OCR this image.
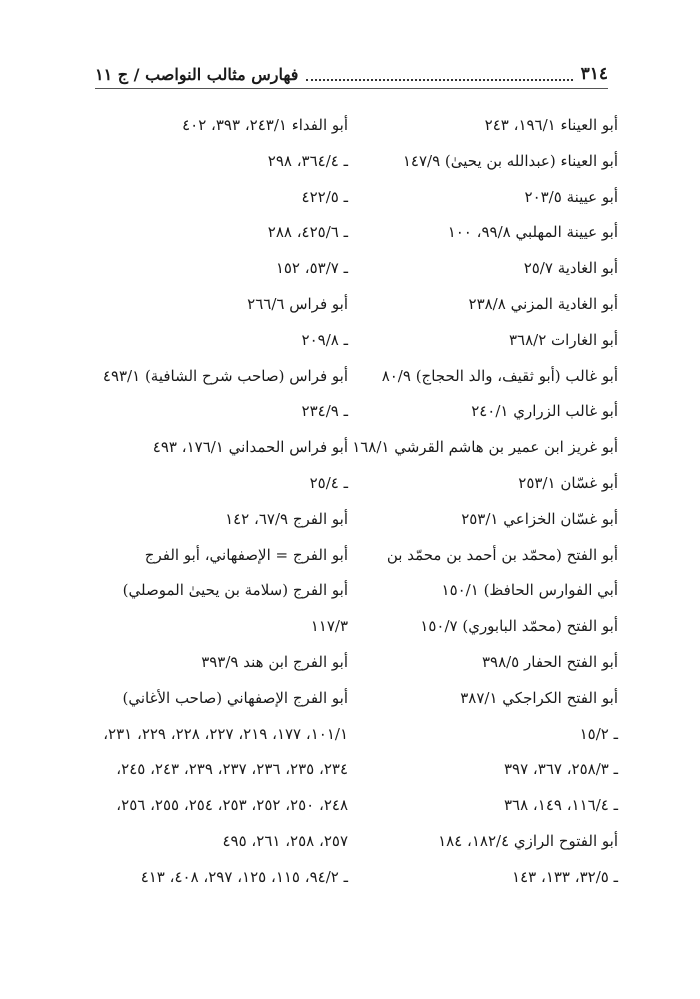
٣١٤
فهارس مثالب النواصب / ج ١١
أبو العيناء ١٩٦/١، ٢٤٣
أبو العيناء (عبدالله بن يحيىٰ) ١٤٧/٩
أبو عيينة ٢٠٣/٥
أبو عيينة المهلبي ٩٩/٨، ١٠٠
أبو الغادية ٢٥/٧
أبو الغادية المزني ٢٣٨/٨
أبو الغارات ٣٦٨/٢
أبو غالب (أبو ثقيف، والد الحجاج) ٨٠/٩
أبو غالب الزراري ٢٤٠/١
أبو غريز ابن عمير بن هاشم القرشي ١٦٨/١
أبو غسّان ٢٥٣/١
أبو غسّان الخزاعي ٢٥٣/١
أبو الفتح (محمّد بن أحمد بن محمّد بن
أبي الفوارس الحافظ) ١٥٠/١
أبو الفتح (محمّد البابوري) ١٥٠/٧
أبو الفتح الحفار ٣٩٨/٥
أبو الفتح الكراجكي ٣٨٧/١
ـ ١٥/٢
ـ ٢٥٨/٣، ٣٦٧، ٣٩٧
ـ ١١٦/٤، ١٤٩، ٣٦٨
أبو الفتوح الرازي ١٨٢/٤، ١٨٤
ـ ٣٢/٥، ١٣٣، ١٤٣
أبو الفداء ٢٤٣/١، ٣٩٣، ٤٠٢
ـ ٣٦٤/٤، ٢٩٨
ـ ٤٢٢/٥
ـ ٤٢٥/٦، ٢٨٨
ـ ٥٣/٧، ١٥٢
أبو فراس ٢٦٦/٦
ـ ٢٠٩/٨
أبو فراس (صاحب شرح الشافية) ٤٩٣/١
ـ ٢٣٤/٩
أبو فراس الحمداني ١٧٦/١، ٤٩٣
ـ ٢٥/٤
أبو الفرج ٦٧/٩، ١٤٢
أبو الفرج = الإصفهاني، أبو الفرج
أبو الفرج (سلامة بن يحيىٰ الموصلي)
١١٧/٣
أبو الفرج ابن هند ٣٩٣/٩
أبو الفرج الإصفهاني (صاحب الأغاني)
١٠١/١، ١٧٧، ٢١٩، ٢٢٧، ٢٢٨، ٢٢٩، ٢٣١،
٢٣٤، ٢٣٥، ٢٣٦، ٢٣٧، ٢٣٩، ٢٤٣، ٢٤٥،
٢٤٨، ٢٥٠، ٢٥٢، ٢٥٣، ٢٥٤، ٢٥٥، ٢٥٦،
٢٥٧، ٢٥٨، ٢٦١، ٤٩٥
ـ ٩٤/٢، ١١٥، ١٢٥، ٢٩٧، ٤٠٨، ٤١٣
